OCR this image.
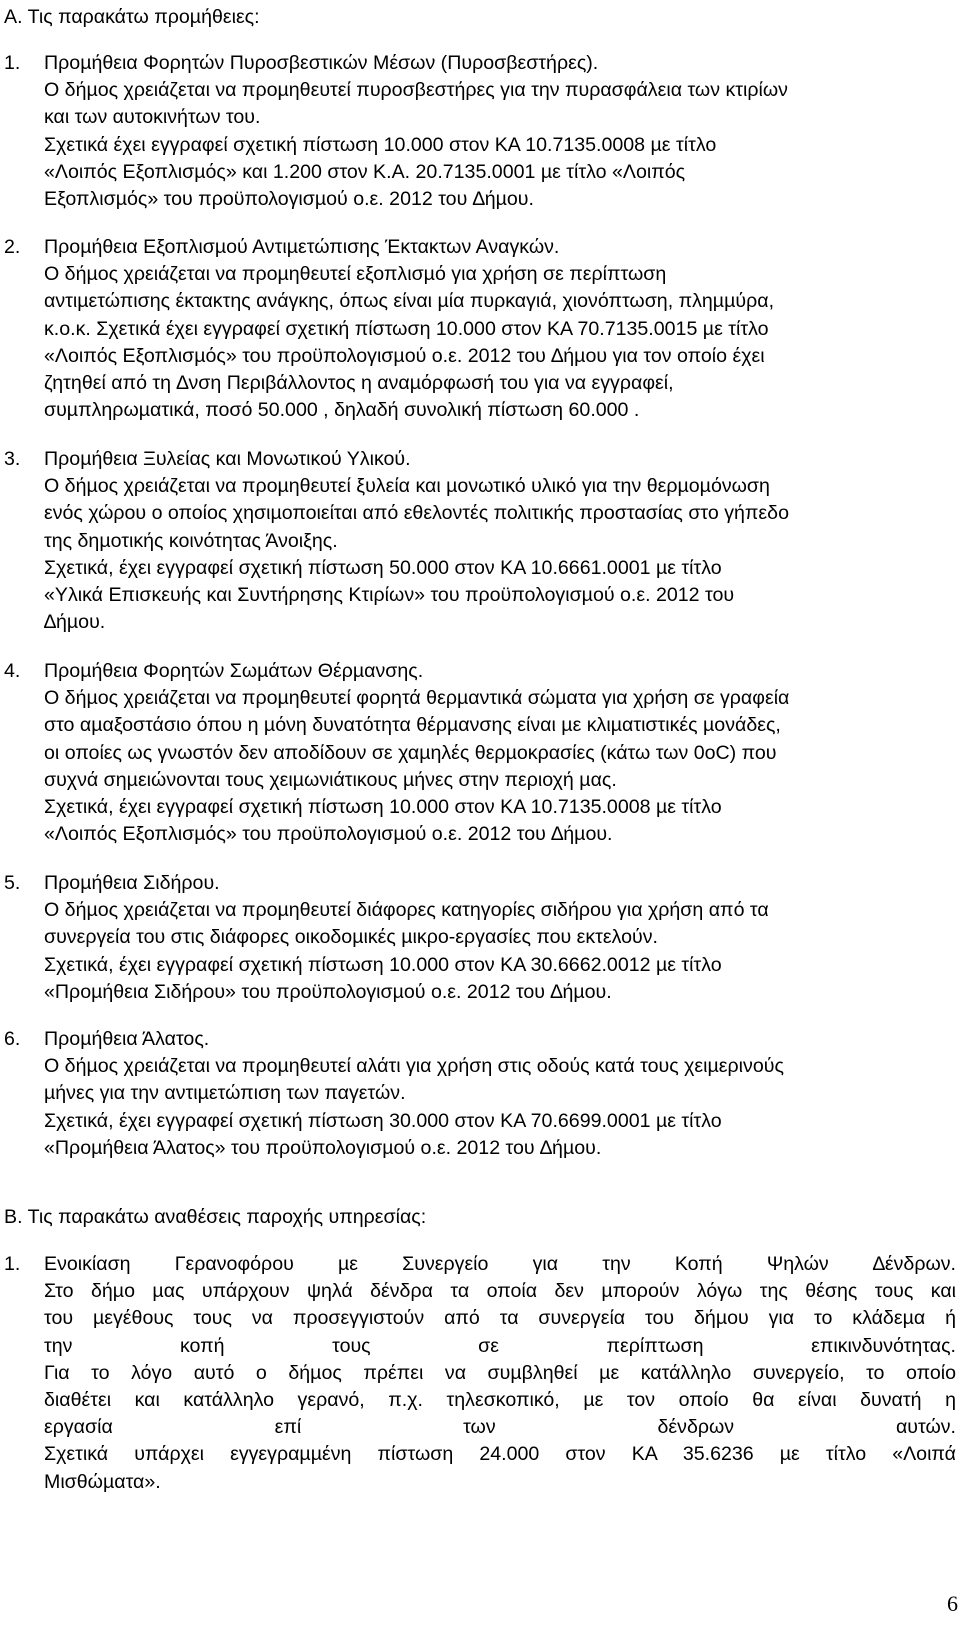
Α. Τις παρακάτω προµήθειες:
1.	Προµήθεια Φορητών Πυροσβεστικών Μέσων (Πυροσβεστήρες).
Ο δήµος χρειάζεται να προµηθευτεί πυροσβεστήρες για την πυρασφάλεια των κτιρίων
και των αυτοκινήτων του.
Σχετικά έχει εγγραφεί σχετική πίστωση 10.000 στον ΚΑ 10.7135.0008 µε τίτλο
«Λοιπός Εξοπλισµός» και 1.200 στον Κ.Α. 20.7135.0001 µε τίτλο «Λοιπός
Εξοπλισµός» του προϋπολογισµού ο.ε. 2012 του ∆ήµου.
2.	Προµήθεια Εξοπλισµού Αντιµετώπισης Έκτακτων Αναγκών.
Ο δήµος χρειάζεται να προµηθευτεί εξοπλισµό για χρήση σε περίπτωση
αντιµετώπισης έκτακτης ανάγκης, όπως είναι µία πυρκαγιά, χιονόπτωση, πληµµύρα,
κ.ο.κ. Σχετικά έχει εγγραφεί σχετική πίστωση 10.000 στον ΚΑ 70.7135.0015 µε τίτλο
«Λοιπός Εξοπλισµός» του προϋπολογισµού ο.ε. 2012 του ∆ήµου για τον οποίο έχει
ζητηθεί από τη ∆νση Περιβάλλοντος η αναµόρφωσή του για να εγγραφεί,
συµπληρωµατικά, ποσό 50.000 , δηλαδή συνολική πίστωση 60.000 .
3.	Προµήθεια Ξυλείας και Μονωτικού Υλικού.
Ο δήµος χρειάζεται να προµηθευτεί ξυλεία και µονωτικό υλικό για την θερµοµόνωση
ενός χώρου ο οποίος χησιµοποιείται από εθελοντές πολιτικής προστασίας στο γήπεδο
της δηµοτικής κοινότητας Άνοιξης.
Σχετικά, έχει εγγραφεί σχετική πίστωση 50.000 στον ΚΑ 10.6661.0001 µε τίτλο
«Υλικά Επισκευής και Συντήρησης Κτιρίων» του προϋπολογισµού ο.ε. 2012 του
∆ήµου.
4.	Προµήθεια Φορητών Σωµάτων Θέρµανσης.
Ο δήµος χρειάζεται να προµηθευτεί φορητά θερµαντικά σώµατα για χρήση σε γραφεία
στο αµαξοστάσιο όπου η µόνη δυνατότητα θέρµανσης είναι µε κλιµατιστικές µονάδες,
οι οποίες ως γνωστόν δεν αποδίδουν σε χαµηλές θερµοκρασίες (κάτω των 0oC) που
συχνά σηµειώνονται τους χειµωνιάτικους µήνες στην περιοχή µας.
Σχετικά, έχει εγγραφεί σχετική πίστωση 10.000 στον ΚΑ 10.7135.0008 µε τίτλο
«Λοιπός Εξοπλισµός» του προϋπολογισµού ο.ε. 2012 του ∆ήµου.
5.	Προµήθεια Σιδήρου.
Ο δήµος χρειάζεται να προµηθευτεί διάφορες κατηγορίες σιδήρου για χρήση από τα
συνεργεία του στις διάφορες οικοδοµικές µικρο-εργασίες που εκτελούν.
Σχετικά, έχει εγγραφεί σχετική πίστωση 10.000 στον ΚΑ 30.6662.0012 µε τίτλο
«Προµήθεια Σιδήρου» του προϋπολογισµού ο.ε. 2012 του ∆ήµου.
6.	Προµήθεια Άλατος.
Ο δήµος χρειάζεται να προµηθευτεί αλάτι για χρήση στις οδούς κατά τους χειµερινούς
µήνες για την αντιµετώπιση των παγετών.
Σχετικά, έχει εγγραφεί σχετική πίστωση 30.000 στον ΚΑ 70.6699.0001 µε τίτλο
«Προµήθεια Άλατος» του προϋπολογισµού ο.ε. 2012 του ∆ήµου.
Β. Τις παρακάτω αναθέσεις παροχής υπηρεσίας:
1.	Ενοικίαση Γερανοφόρου µε Συνεργείο για την Κοπή Ψηλών ∆ένδρων.
Στο δήµο µας υπάρχουν ψηλά δένδρα τα οποία δεν µπορούν λόγω της θέσης τους και
του µεγέθους τους να προσεγγιστούν από τα συνεργεία του δήµου για το κλάδεµα ή
την κοπή τους σε περίπτωση επικινδυνότητας.
Για το λόγο αυτό ο δήµος πρέπει να συµβληθεί µε κατάλληλο συνεργείο, το οποίο
διαθέτει και κατάλληλο γερανό, π.χ. τηλεσκοπικό, µε τον οποίο θα είναι δυνατή η
εργασία επί των δένδρων αυτών.
Σχετικά υπάρχει εγγεγραµµένη πίστωση 24.000 στον ΚΑ 35.6236 µε τίτλο «Λοιπά
Μισθώµατα».
6
